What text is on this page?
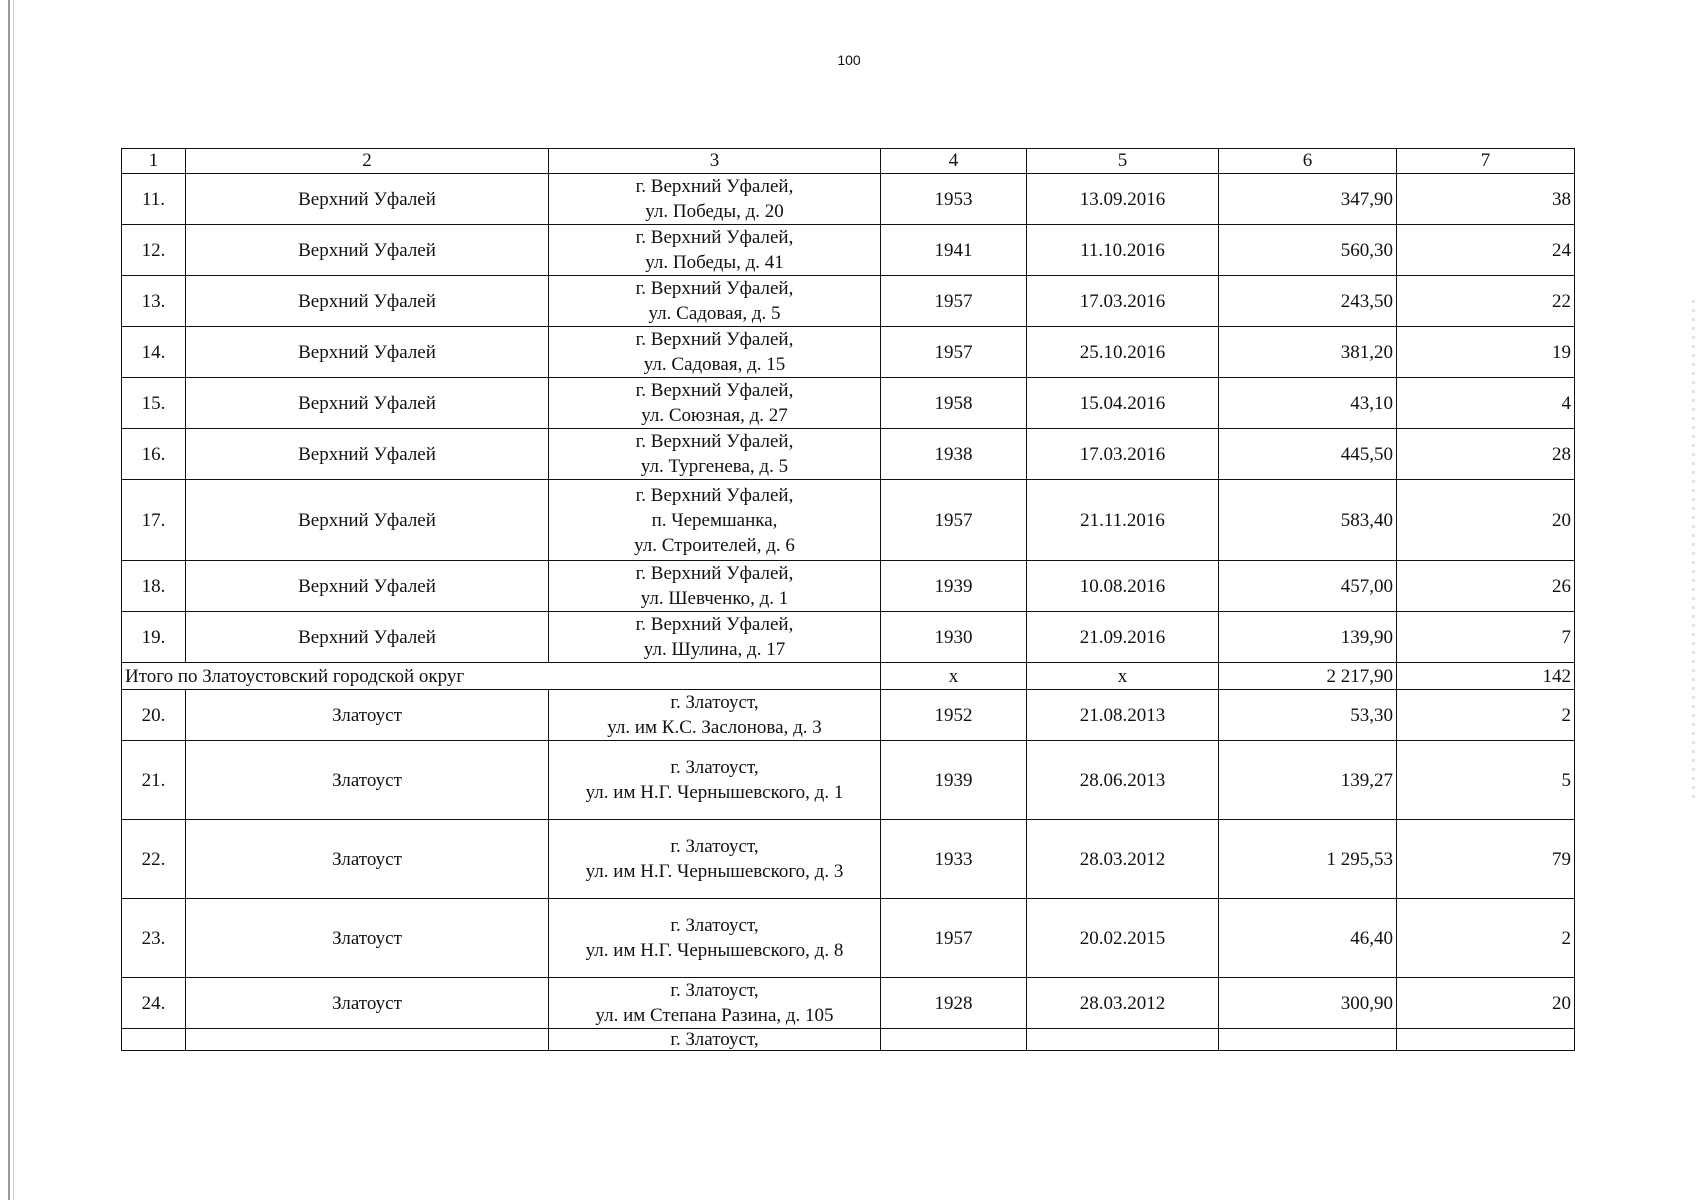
100
1	2	3	4	5	6	7
11.	Верхний Уфалей	г. Верхний Уфалей,
ул. Победы, д. 20	1953	13.09.2016	347,90	38
12.	Верхний Уфалей	г. Верхний Уфалей,
ул. Победы, д. 41	1941	11.10.2016	560,30	24
13.	Верхний Уфалей	г. Верхний Уфалей,
ул. Садовая, д. 5	1957	17.03.2016	243,50	22
14.	Верхний Уфалей	г. Верхний Уфалей,
ул. Садовая, д. 15	1957	25.10.2016	381,20	19
15.	Верхний Уфалей	г. Верхний Уфалей,
ул. Союзная, д. 27	1958	15.04.2016	43,10	4
16.	Верхний Уфалей	г. Верхний Уфалей,
ул. Тургенева, д. 5	1938	17.03.2016	445,50	28
17.	Верхний Уфалей	г. Верхний Уфалей,
п. Черемшанка,
ул. Строителей, д. 6	1957	21.11.2016	583,40	20
18.	Верхний Уфалей	г. Верхний Уфалей,
ул. Шевченко, д. 1	1939	10.08.2016	457,00	26
19.	Верхний Уфалей	г. Верхний Уфалей,
ул. Шулина, д. 17	1930	21.09.2016	139,90	7
Итого по Златоустовский городской округ			x	x	2 217,90	142
20.	Златоуст	г. Златоуст,
ул. им К.С. Заслонова, д. 3	1952	21.08.2013	53,30	2
21.	Златоуст	г. Златоуст,
ул. им Н.Г. Чернышевского, д. 1	1939	28.06.2013	139,27	5
22.	Златоуст	г. Златоуст,
ул. им Н.Г. Чернышевского, д. 3	1933	28.03.2012	1 295,53	79
23.	Златоуст	г. Златоуст,
ул. им Н.Г. Чернышевского, д. 8	1957	20.02.2015	46,40	2
24.	Златоуст	г. Златоуст,
ул. им Степана Разина, д. 105	1928	28.03.2012	300,90	20
		г. Златоуст,				
